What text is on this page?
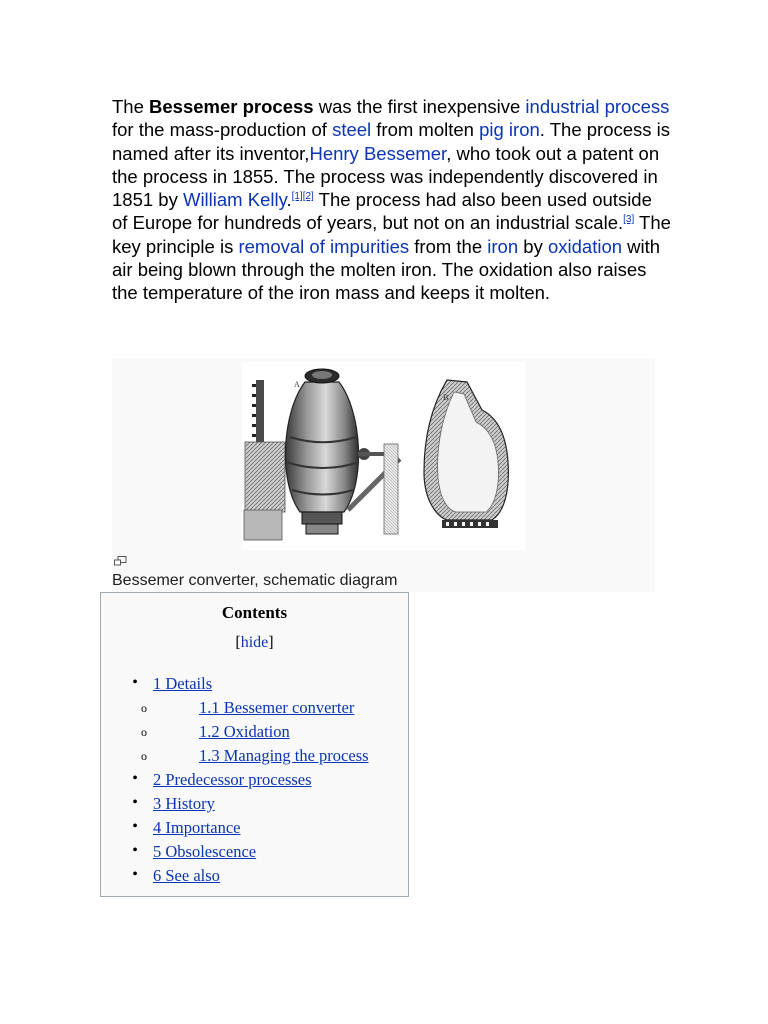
The Bessemer process was the first inexpensive industrial process for the mass-production of steel from molten pig iron. The process is named after its inventor,Henry Bessemer, who took out a patent on the process in 1855. The process was independently discovered in 1851 by William Kelly.[1][2] The process had also been used outside of Europe for hundreds of years, but not on an industrial scale.[3] The key principle is removal of impurities from the iron by oxidation with air being blown through the molten iron. The oxidation also raises the temperature of the iron mass and keeps it molten.

A
B
Bessemer converter, schematic diagram
Contents
[hide]
• 1 Details
o	1.1 Bessemer converter
o	1.2 Oxidation
o	1.3 Managing the process
• 2 Predecessor processes
• 3 History
• 4 Importance
• 5 Obsolescence
• 6 See also
